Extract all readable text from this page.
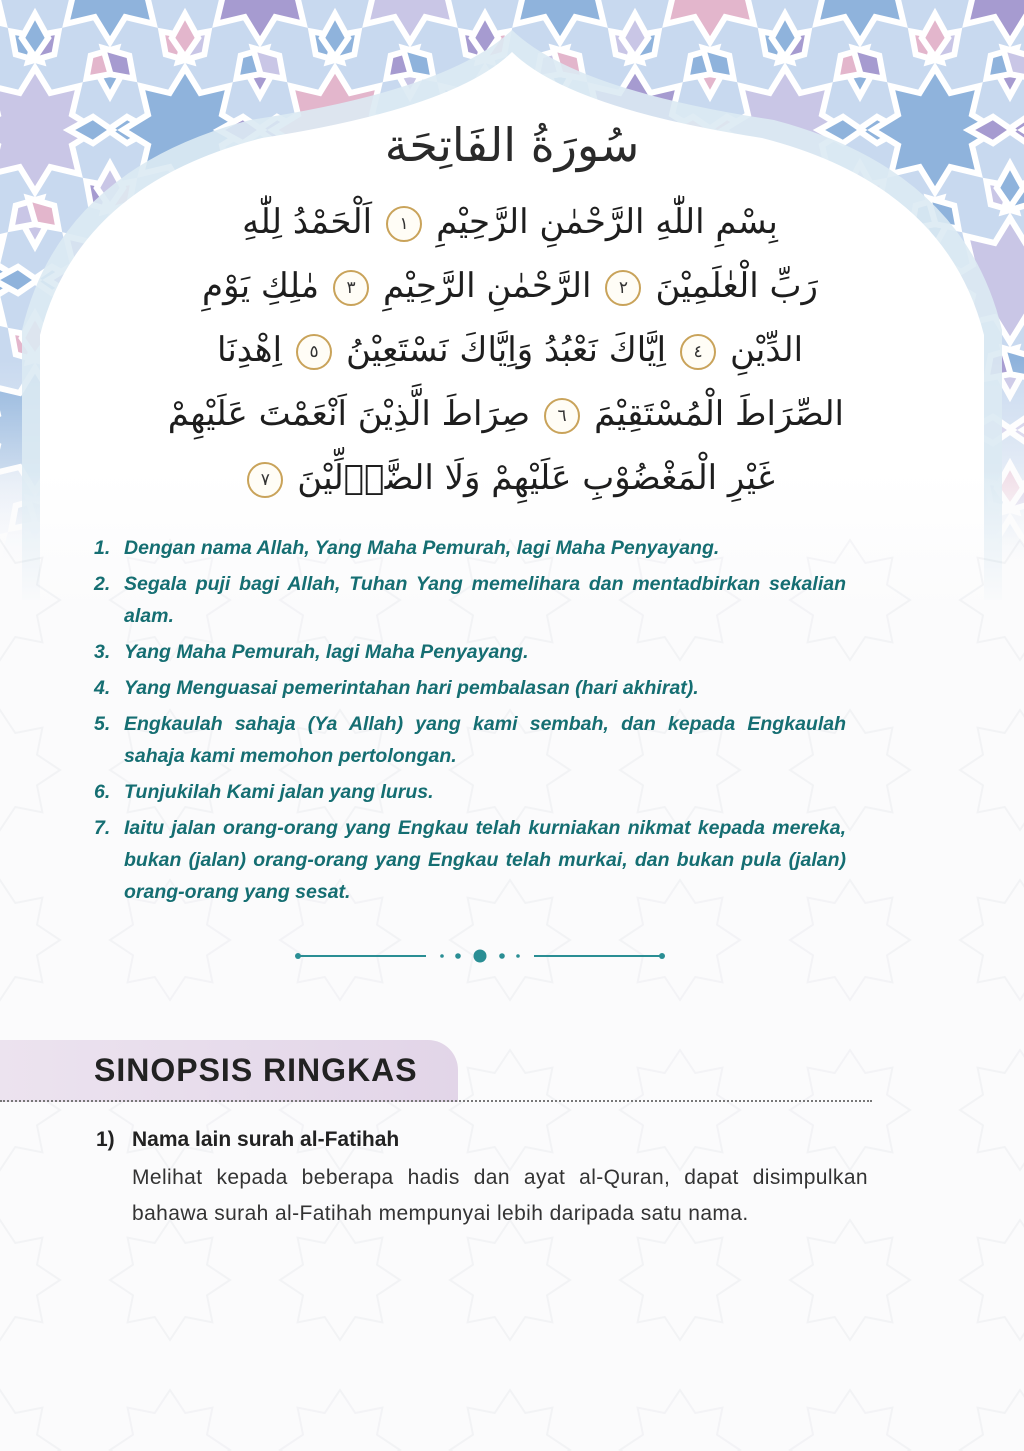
سُورَةُ الفَاتِحَة
بِسْمِ اللّٰهِ الرَّحْمٰنِ الرَّحِيْمِ١اَلْحَمْدُ لِلّٰهِ
رَبِّ الْعٰلَمِيْنَ٢الرَّحْمٰنِ الرَّحِيْمِ٣مٰلِكِ يَوْمِ
الدِّيْنِ٤اِيَّاكَ نَعْبُدُ وَاِيَّاكَ نَسْتَعِيْنُ٥اِهْدِنَا
الصِّرَاطَ الْمُسْتَقِيْمَ٦صِرَاطَ الَّذِيْنَ اَنْعَمْتَ عَلَيْهِمْ
غَيْرِ الْمَغْضُوْبِ عَلَيْهِمْ وَلَا الضَّاۤلِّيْنَ٧
1. Dengan nama Allah, Yang Maha Pemurah, lagi Maha Penyayang.
2. Segala puji bagi Allah, Tuhan Yang memelihara dan mentadbirkan sekalian alam.
3. Yang Maha Pemurah, lagi Maha Penyayang.
4. Yang Menguasai pemerintahan hari pembalasan (hari akhirat).
5. Engkaulah sahaja (Ya Allah) yang kami sembah, dan kepada Engkaulah sahaja kami memohon pertolongan.
6. Tunjukilah Kami jalan yang lurus.
7. Iaitu jalan orang-orang yang Engkau telah kurniakan nikmat kepada mereka, bukan (jalan) orang-orang yang Engkau telah murkai, dan bukan pula (jalan) orang-orang yang sesat.
SINOPSIS RINGKAS
1) Nama lain surah al-Fatihah
Melihat kepada beberapa hadis dan ayat al-Quran, dapat disimpulkan bahawa surah al-Fatihah mempunyai lebih daripada satu nama.
